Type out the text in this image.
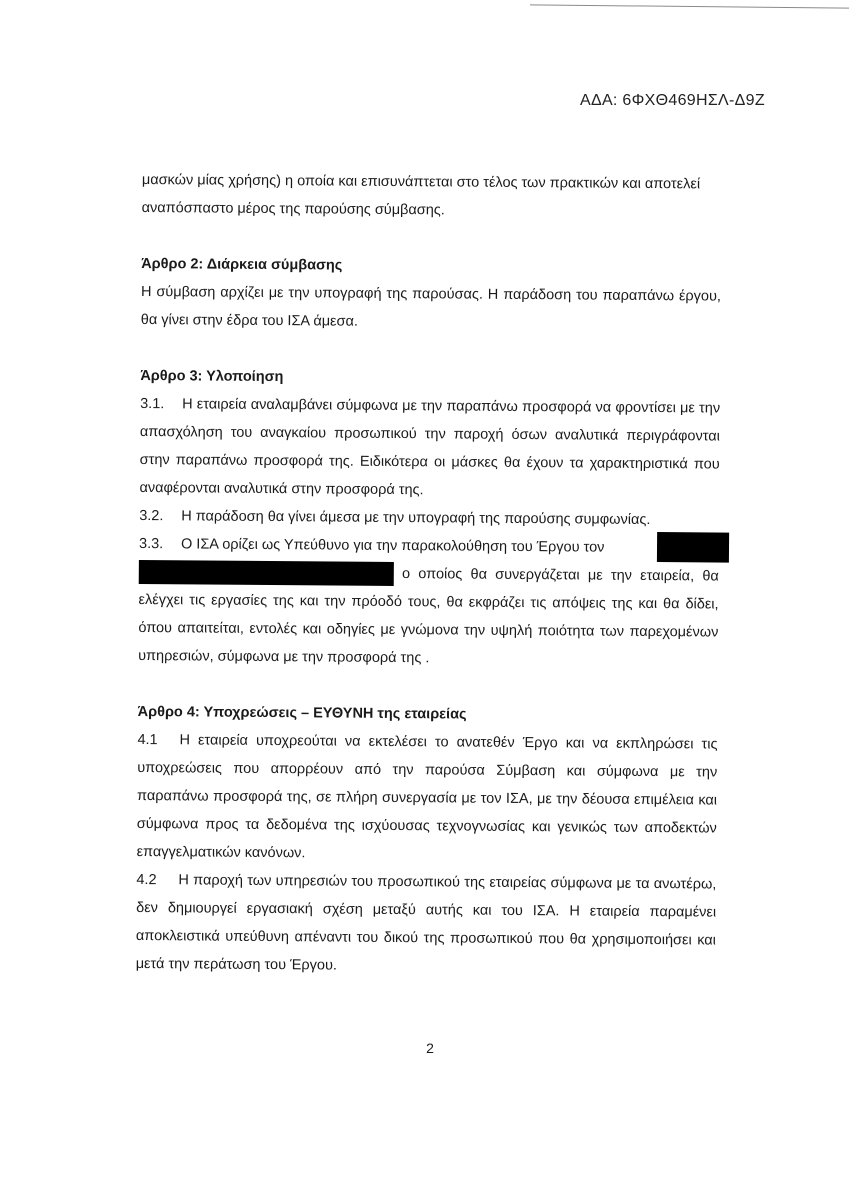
ΑΔΑ: 6ΦΧΘ469ΗΣΛ-Δ9Ζ

μασκών μίας χρήσης) η οποία και επισυνάπτεται στο τέλος των πρακτικών και αποτελεί

αναπόσπαστο μέρος της παρούσης σύμβασης.

Άρθρο 2: Διάρκεια σύμβασης

Η σύμβαση αρχίζει με την υπογραφή της παρούσας. Η παράδοση του παραπάνω έργου, θα γίνει στην έδρα του ΙΣΑ άμεσα.

Άρθρο 3: Υλοποίηση

3.1. Η εταιρεία αναλαμβάνει σύμφωνα με την παραπάνω προσφορά να φροντίσει με την απασχόληση του αναγκαίου προσωπικού την παροχή όσων αναλυτικά περιγράφονται στην παραπάνω προσφορά της. Ειδικότερα οι μάσκες θα έχουν τα χαρακτηριστικά που αναφέρονται αναλυτικά στην προσφορά της.

3.2. Η παράδοση θα γίνει άμεσα με την υπογραφή της παρούσης συμφωνίας.

3.3. Ο ΙΣΑ ορίζει ως Υπεύθυνο για την παρακολούθηση του Έργου τον
ο οποίος θα συνεργάζεται με την εταιρεία, θα ελέγχει τις εργασίες της και την πρόοδό τους, θα εκφράζει τις απόψεις της και θα δίδει, όπου απαιτείται, εντολές και οδηγίες με γνώμονα την υψηλή ποιότητα των παρεχομένων υπηρεσιών, σύμφωνα με την προσφορά της .

Άρθρο 4: Υποχρεώσεις – ΕΥΘΥΝΗ της εταιρείας

4.1 Η εταιρεία υποχρεούται να εκτελέσει το ανατεθέν Έργο και να εκπληρώσει τις υποχρεώσεις που απορρέουν από την παρούσα Σύμβαση και σύμφωνα με την παραπάνω προσφορά της, σε πλήρη συνεργασία με τον ΙΣΑ, με την δέουσα επιμέλεια και σύμφωνα προς τα δεδομένα της ισχύουσας τεχνογνωσίας και γενικώς των αποδεκτών επαγγελματικών κανόνων.

4.2 Η παροχή των υπηρεσιών του προσωπικού της εταιρείας σύμφωνα με τα ανωτέρω, δεν δημιουργεί εργασιακή σχέση μεταξύ αυτής και του ΙΣΑ. Η εταιρεία παραμένει αποκλειστικά υπεύθυνη απέναντι του δικού της προσωπικού που θα χρησιμοποιήσει και μετά την περάτωση του Έργου.

2
